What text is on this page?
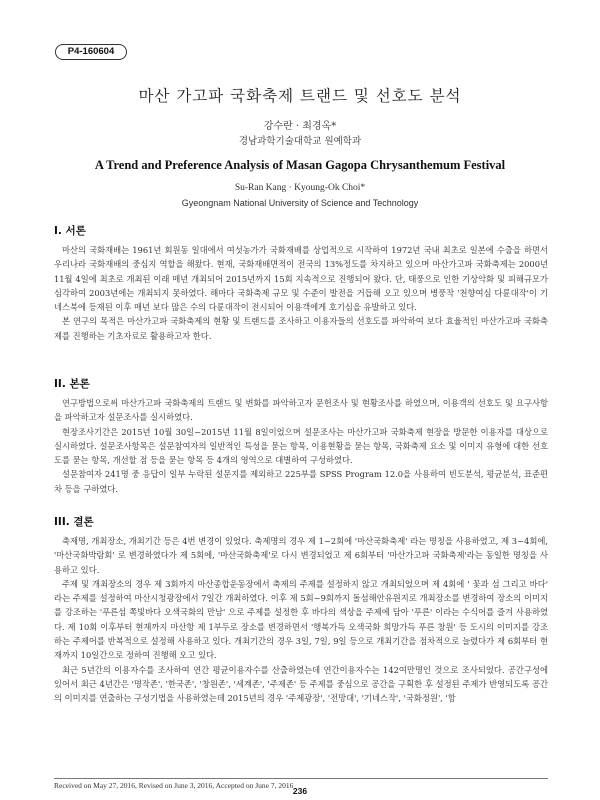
P4-160604
마산 가고파 국화축제 트랜드 및 선호도 분석
강수란 · 최경옥*
경남과학기술대학교 원예학과
A Trend and Preference Analysis of Masan Gagopa Chrysanthemum Festival
Su-Ran Kang · Kyoung-Ok Choi*
Gyeongnam National University of Science and Technology
I. 서론

마산의 국화재배는 1961년 회원동 일대에서 여섯농가가 국화재배를 상업적으로 시작하여 1972년 국내 최초로 일본에 수출을 하면서 우리나라 국화재배의 중심지 역할을 해왔다. 현재, 국화재배면적이 전국의 13%정도를 차지하고 있으며 마산가고파 국화축제는 2000년 11월 4일에 최초로 개최된 이래 매년 개최되어 2015년까지 15회 지속적으로 진행되어 왔다. 단, 태풍으로 인한 기상악화 및 피해규모가 심각하여 2003년에는 개최되지 못하였다. 해마다 국화축제 규모 및 수준이 발전을 거듭해 오고 있으며 병풍작 '천향여심 다륜대작'이 기네스북에 등재된 이후 매년 보다 많은 수의 다륜대작이 전시되어 이용객에게 호기심을 유발하고 있다.

본 연구의 목적은 마산가고파 국화축제의 현황 및 트랜드를 조사하고 이용자들의 선호도를 파악하여 보다 효율적인 마산가고파 국화축제를 진행하는 기초자료로 활용하고자 한다.

II. 본론

연구방법으로써 마산가고파 국화축제의 트랜드 및 변화를 파악하고자 문헌조사 및 현황조사를 하였으며, 이용객의 선호도 및 요구사항을 파악하고자 설문조사를 실시하였다.

현장조사기간은 2015년 10월 30일~2015년 11월 8일이었으며 설문조사는 마산가고파 국화축제 현장을 방문한 이용자를 대상으로 실시하였다. 설문조사항목은 설문참여자의 일반적인 특성을 묻는 항목, 이용현황을 묻는 항목, 국화축제 요소 및 이미지 유형에 대한 선호도를 묻는 항목, 개선할 점 등을 묻는 항목 등 4개의 영역으로 대별하여 구성하였다.

설문참여자 241명 중 응답이 일부 누락된 설문지를 제외하고 225부를 SPSS Program 12.0을 사용하여 빈도분석, 평균분석, 표준편차 등을 구하였다.

III. 결론

축제명, 개최장소, 개최기간 등은 4번 변경이 있었다. 축제명의 경우 제 1~2회에 '마산국화축제' 라는 명칭을 사용하였고, 제 3~4회에, '마산국화박람회' 로 변경하였다가 제 5회에, '마산국화축제'로 다시 변경되었고 제 6회부터 '마산가고파 국화축제'라는 동일한 명칭을 사용하고 있다.

주제 및 개최장소의 경우 제 3회까지 마산종합운동장에서 축제의 주제를 설정하지 않고 개최되었으며 제 4회에 ' 꽃과 섬 그리고 바다' 라는 주제를 설정하여 마산시청광장에서 7일간 개최하였다. 이후 제 5회~9회까지 돌섬해안유원지로 개최장소를 변경하여 장소의 이미지를 강조하는 '푸른섬 쪽빛바다 오색국화의 만남' 으로 주제를 설정한 후 바다의 색상을 주제에 담아 '푸른' 이라는 수식어를 즐겨 사용하였다. 제 10회 이후부터 현재까지 마산항 제 1부두로 장소를 변경하면서 '행복가득 오색국화 희망가득 푸른 창원' 등 도시의 이미지를 강조하는 주제어를 반복적으로 설정해 사용하고 있다. 개최기간의 경우 3일, 7일, 9일 등으로 개최기간을 점차적으로 늘렸다가 제 6회부터 현재까지 10일간으로 정하여 진행해 오고 있다.

최근 5년간의 이용자수를 조사하여 연간 평균이용자수를 산출하였는데 연간이용자수는 142여만명인 것으로 조사되었다. 공간구성에 있어서 최근 4년간은 '명작존', '한국존', '창원존', '세계존', '주제존' 등 주제를 중심으로 공간을 구획한 후 설정된 주제가 반영되도록 공간의 이미지를 연출하는 구성기법을 사용하였는데 2015년의 경우 '주제광장', '전망대', '기네스작', '국화정원', '함

Received on May 27, 2016, Revised on June 3, 2016, Accepted on June 7, 2016
236
